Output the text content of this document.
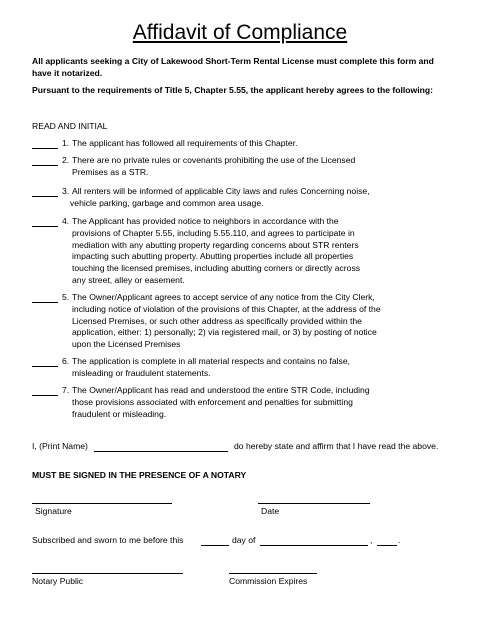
Affidavit of Compliance
All applicants seeking a City of Lakewood Short-Term Rental License must complete this form and have it notarized.
Pursuant to the requirements of Title 5, Chapter 5.55, the applicant hereby agrees to the following:
READ AND INITIAL
1. The applicant has followed all requirements of this Chapter.
2. There are no private rules or covenants prohibiting the use of the Licensed
Premises as a STR.
3. All renters will be informed of applicable City laws and rules Concerning noise,
vehicle parking, garbage and common area usage.
4. The Applicant has provided notice to neighbors in accordance with the
provisions of Chapter 5.55, including 5.55.110, and agrees to participate in
mediation with any abutting property regarding concerns about STR renters
impacting such abutting property. Abutting properties include all properties
touching the licensed premises, including abutting corners or directly across
any street, alley or easement.
5. The Owner/Applicant agrees to accept service of any notice from the City Clerk,
including notice of violation of the provisions of this Chapter, at the address of the
Licensed Premises, or such other address as specifically provided within the
application, either: 1) personally; 2) via registered mail, or 3) by posting of notice
upon the Licensed Premises
6. The application is complete in all material respects and contains no false,
misleading or fraudulent statements.
7. The Owner/Applicant has read and understood the entire STR Code, including
those provisions associated with enforcement and penalties for submitting
fraudulent or misleading.
I, (Print Name)	do hereby state and affirm that I have read the above.
MUST BE SIGNED IN THE PRESENCE OF A NOTARY
Signature	Date
Subscribed and sworn to me before this	day of	,	.
Notary Public	Commission Expires
